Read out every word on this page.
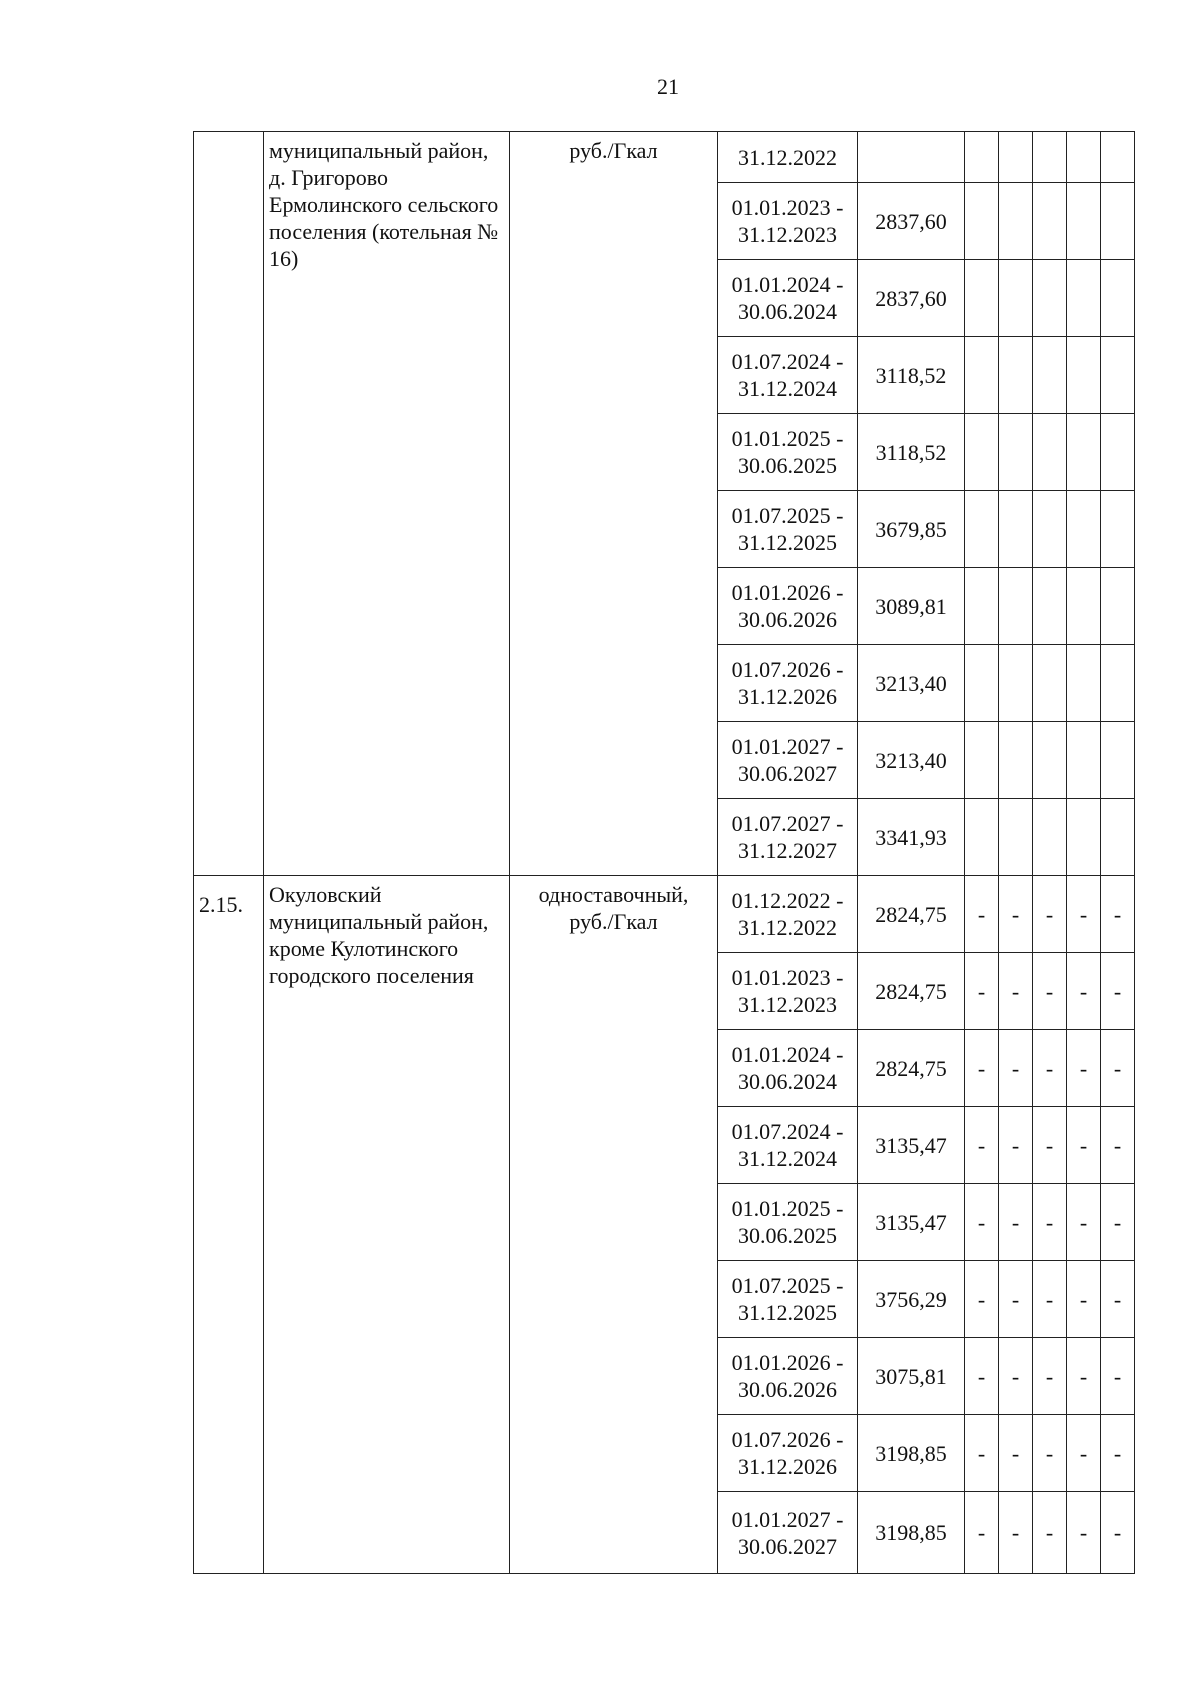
21
	муниципальный район, д. Григорово Ермолинского сельского поселения (котельная № 16)	руб./Гкал	31.12.2022						
			01.01.2023 - 31.12.2023	2837,60					
			01.01.2024 - 30.06.2024	2837,60					
			01.07.2024 - 31.12.2024	3118,52					
			01.01.2025 - 30.06.2025	3118,52					
			01.07.2025 - 31.12.2025	3679,85					
			01.01.2026 - 30.06.2026	3089,81					
			01.07.2026 - 31.12.2026	3213,40					
			01.01.2027 - 30.06.2027	3213,40					
			01.07.2027 - 31.12.2027	3341,93					
2.15.	Окуловский муниципальный район, кроме Кулотинского городского поселения	одноставочный, руб./Гкал	01.12.2022 - 31.12.2022	2824,75	-	-	-	-	-
			01.01.2023 - 31.12.2023	2824,75	-	-	-	-	-
			01.01.2024 - 30.06.2024	2824,75	-	-	-	-	-
			01.07.2024 - 31.12.2024	3135,47	-	-	-	-	-
			01.01.2025 - 30.06.2025	3135,47	-	-	-	-	-
			01.07.2025 - 31.12.2025	3756,29	-	-	-	-	-
			01.01.2026 - 30.06.2026	3075,81	-	-	-	-	-
			01.07.2026 - 31.12.2026	3198,85	-	-	-	-	-
			01.01.2027 - 30.06.2027	3198,85	-	-	-	-	-
